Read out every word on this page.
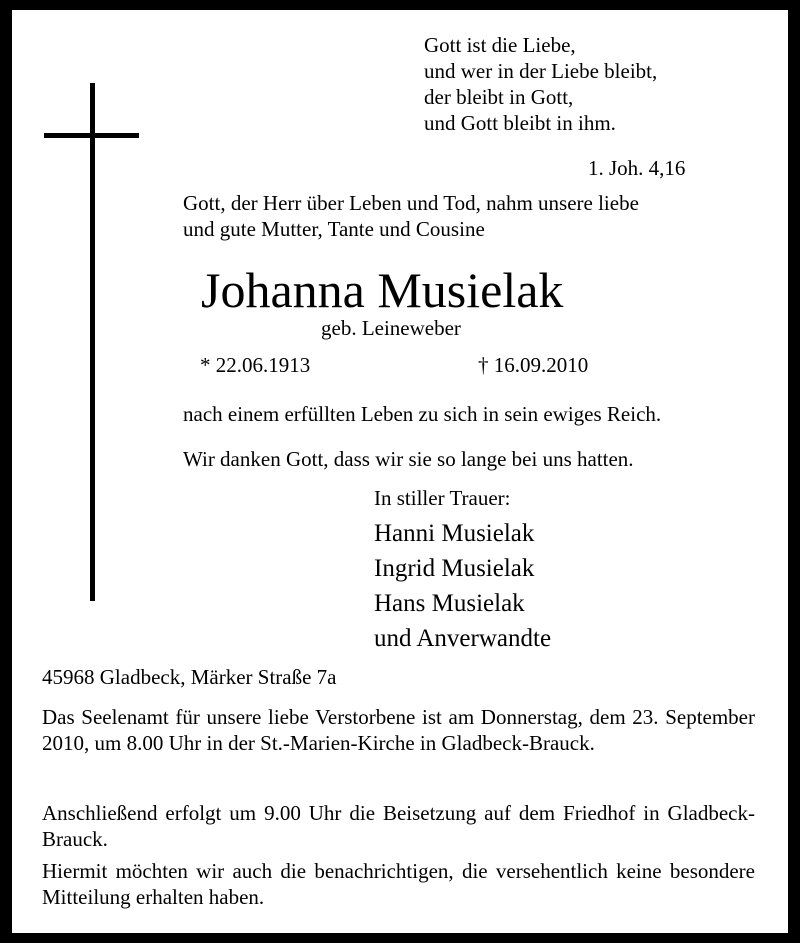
Gott ist die Liebe,
und wer in der Liebe bleibt,
der bleibt in Gott,
und Gott bleibt in ihm.
1. Joh. 4,16
Gott, der Herr über Leben und Tod, nahm unsere liebe
und gute Mutter, Tante und Cousine
Johanna Musielak
geb. Leineweber
* 22.06.1913	† 16.09.2010
nach einem erfüllten Leben zu sich in sein ewiges Reich.
Wir danken Gott, dass wir sie so lange bei uns hatten.
In stiller Trauer:
Hanni Musielak
Ingrid Musielak
Hans Musielak
und Anverwandte
45968 Gladbeck, Märker Straße 7a
Das Seelenamt für unsere liebe Verstorbene ist am Donnerstag, dem 23. September 2010, um 8.00 Uhr in der St.-Marien-Kirche in Gladbeck-Brauck.
Anschließend erfolgt um 9.00 Uhr die Beisetzung auf dem Friedhof in Gladbeck-Brauck.
Hiermit möchten wir auch die benachrichtigen, die versehentlich keine besondere Mitteilung erhalten haben.
